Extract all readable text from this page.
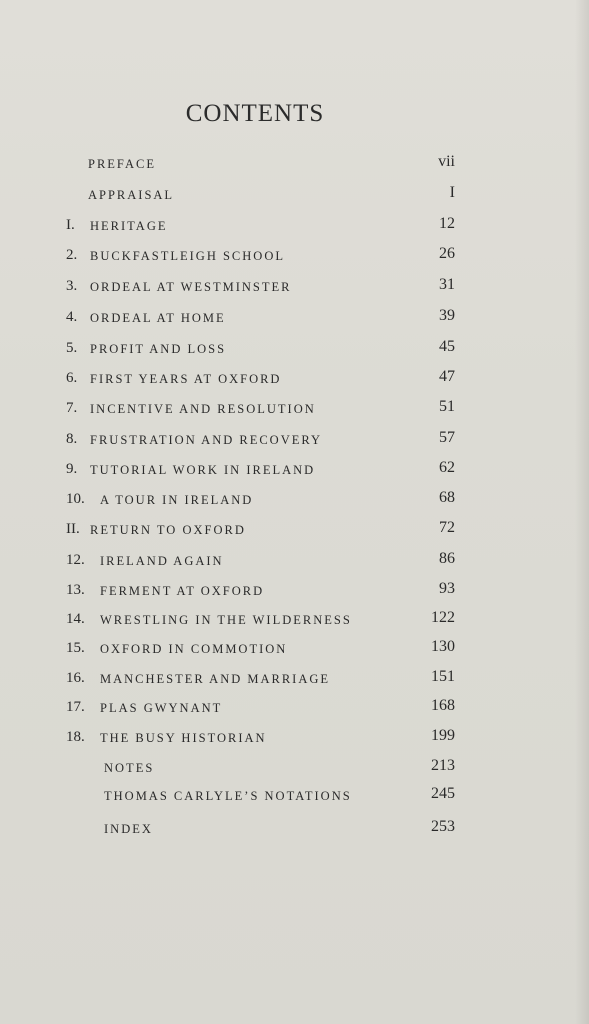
CONTENTS
PREFACE	vii
APPRAISAL	I
I. HERITAGE	12
2. BUCKFASTLEIGH SCHOOL	26
3. ORDEAL AT WESTMINSTER	31
4. ORDEAL AT HOME	39
5. PROFIT AND LOSS	45
6. FIRST YEARS AT OXFORD	47
7. INCENTIVE AND RESOLUTION	51
8. FRUSTRATION AND RECOVERY	57
9. TUTORIAL WORK IN IRELAND	62
10. A TOUR IN IRELAND	68
II. RETURN TO OXFORD	72
12. IRELAND AGAIN	86
13. FERMENT AT OXFORD	93
14. WRESTLING IN THE WILDERNESS	122
15. OXFORD IN COMMOTION	130
16. MANCHESTER AND MARRIAGE	151
17. PLAS GWYNANT	168
18. THE BUSY HISTORIAN	199
NOTES	213
THOMAS CARLYLE’S NOTATIONS	245
INDEX	253
